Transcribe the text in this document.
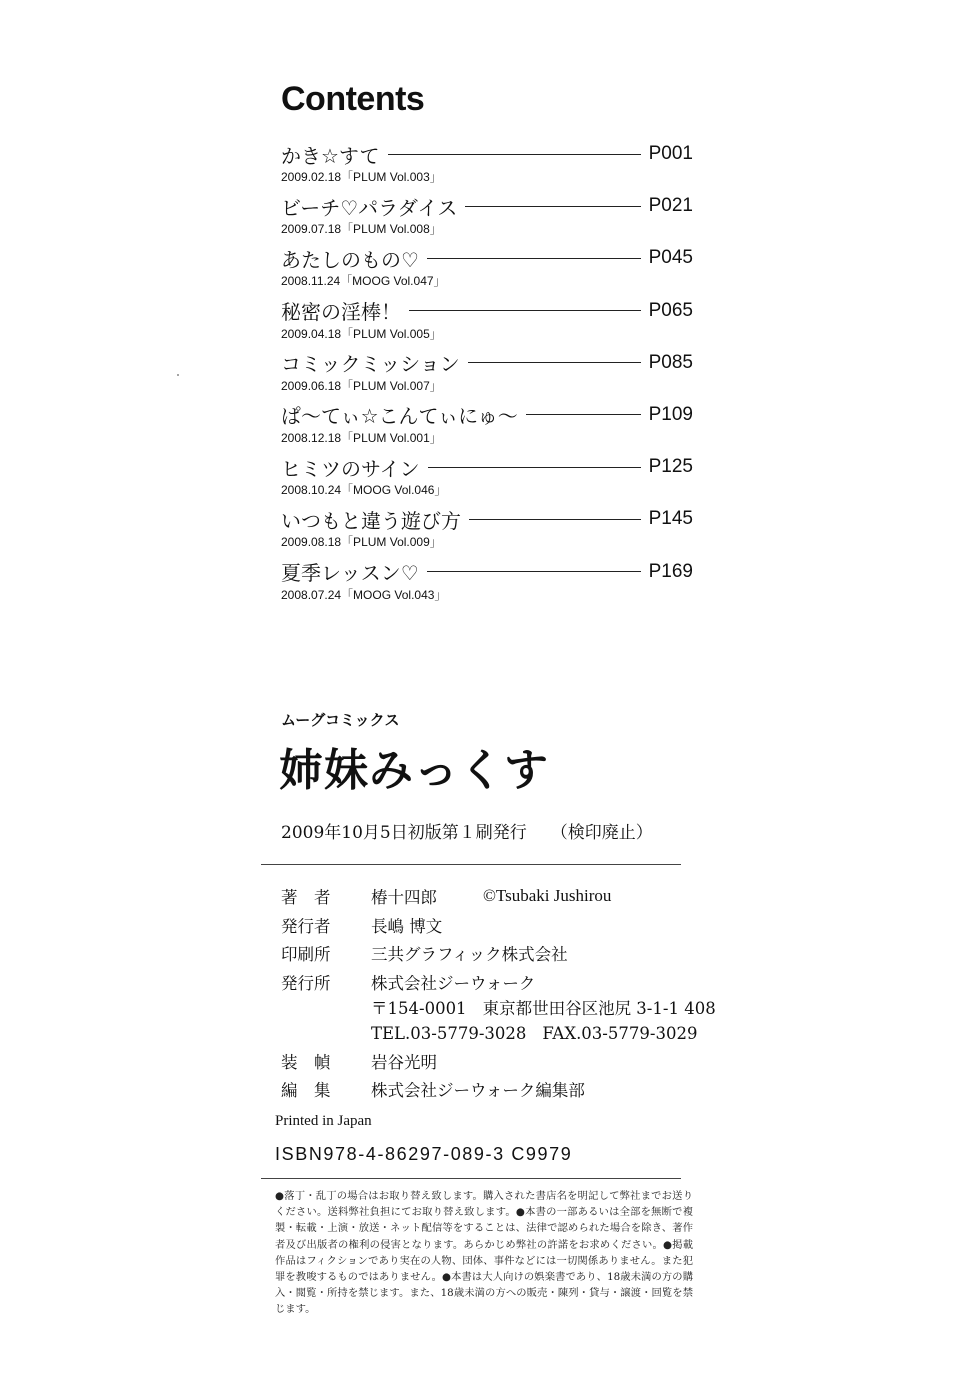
Contents
かき☆すて	P001
2009.02.18「PLUM Vol.003」
ビーチ♡パラダイス	P021
2009.07.18「PLUM Vol.008」
あたしのもの♡	P045
2008.11.24「MOOG Vol.047」
秘密の淫棒！	P065
2009.04.18「PLUM Vol.005」
コミックミッション	P085
2009.06.18「PLUM Vol.007」
ぱ～てぃ☆こんてぃにゅ～	P109
2008.12.18「PLUM Vol.001」
ヒミツのサイン	P125
2008.10.24「MOOG Vol.046」
いつもと違う遊び方	P145
2009.08.18「PLUM Vol.009」
夏季レッスン♡	P169
2008.07.24「MOOG Vol.043」
ムーグコミックス
姉妹みっくす
2009年10月5日初版第１刷発行 （検印廃止）
著　者	椿十四郎	©Tsubaki Jushirou
発行者	長嶋 博文
印刷所	三共グラフィック株式会社
発行所	株式会社ジーウォーク
〒154-0001 東京都世田谷区池尻 3-1-1 408
TEL.03-5779-3028 FAX.03-5779-3029
装　幀	岩谷光明
編　集	株式会社ジーウォーク編集部
Printed in Japan
ISBN978-4-86297-089-3 C9979
●落丁・乱丁の場合はお取り替え致します。購入された書店名を明記して弊社までお送りください。送料弊社負担にてお取り替え致します。●本書の一部あるいは全部を無断で複製・転載・上演・放送・ネット配信等をすることは、法律で認められた場合を除き、著作者及び出版者の権利の侵害となります。あらかじめ弊社の許諾をお求めください。●掲載作品はフィクションであり実在の人物、団体、事件などには一切関係ありません。また犯罪を教唆するものではありません。●本書は大人向けの娯楽書であり、18歳未満の方の購入・閲覧・所持を禁じます。また、18歳未満の方への販売・陳列・貸与・譲渡・回覧を禁じます。
